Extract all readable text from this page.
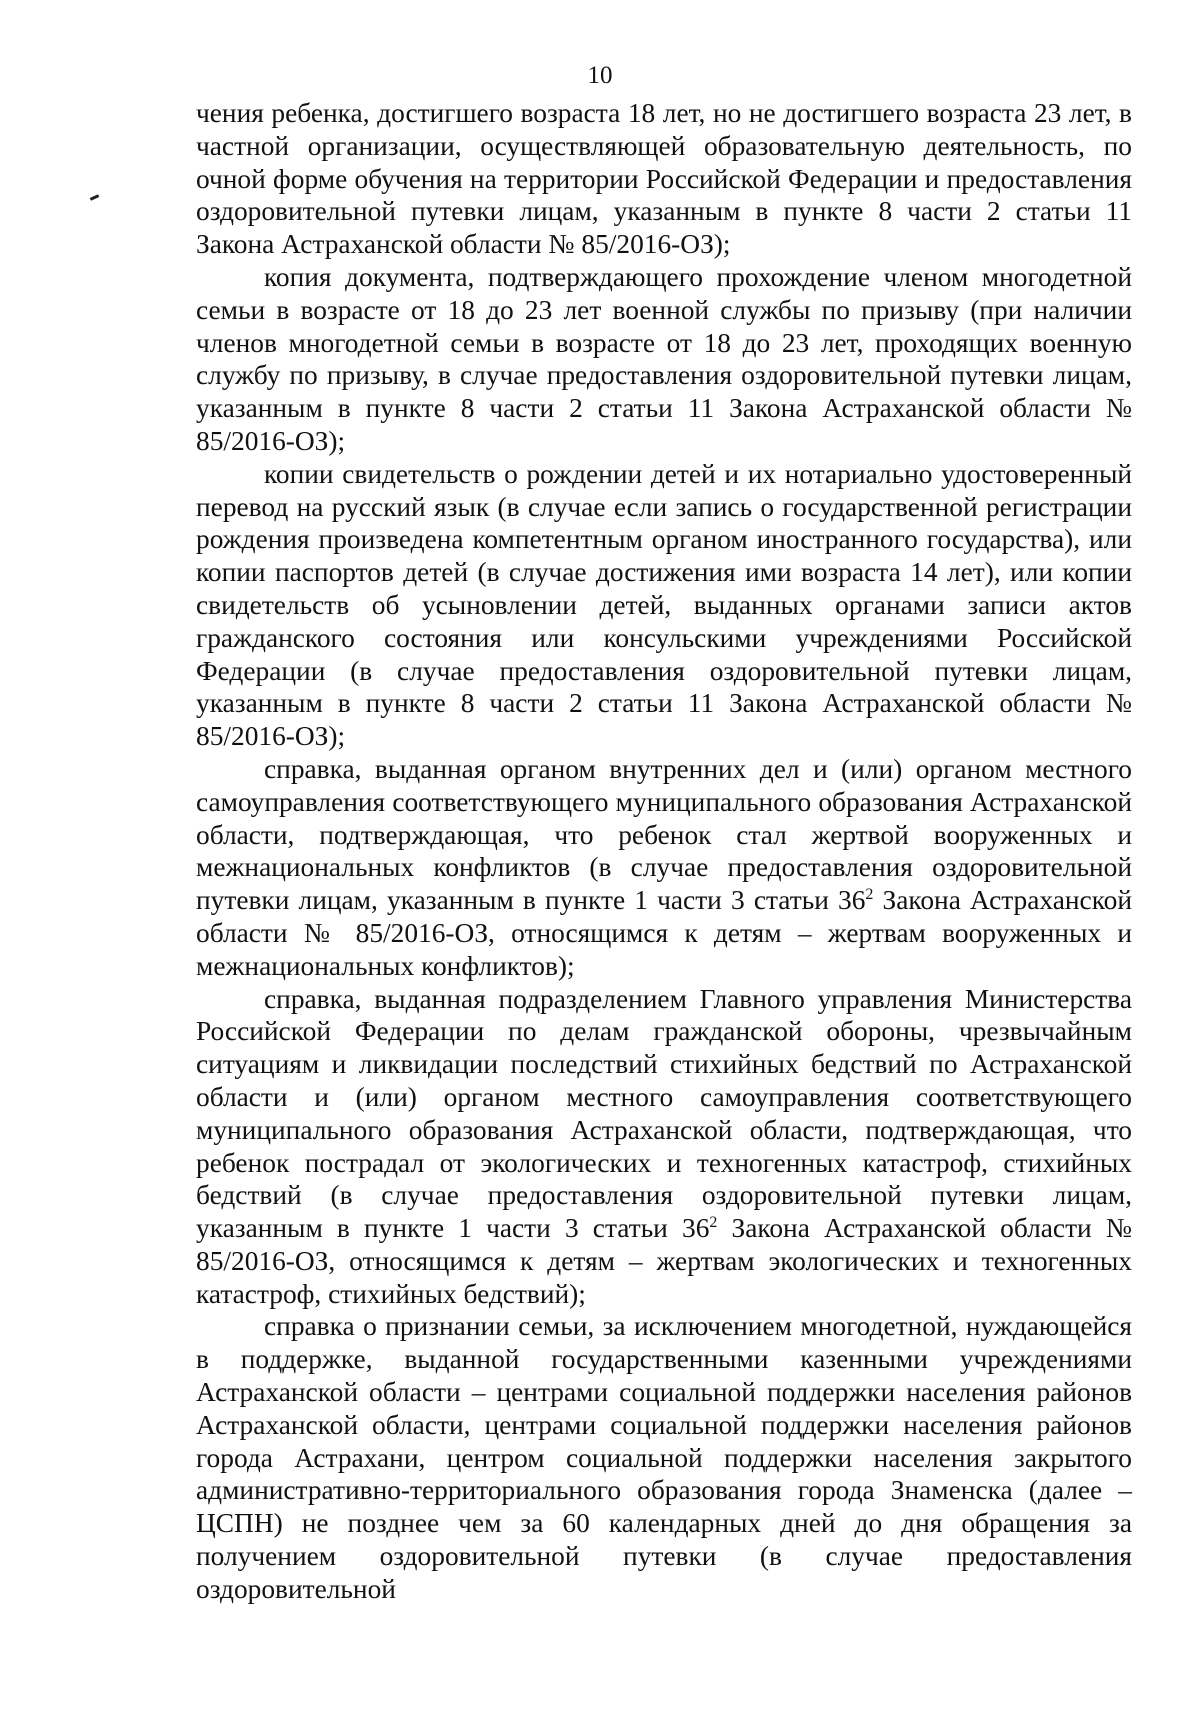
10

чения ребенка, достигшего возраста 18 лет, но не достигшего возраста 23 лет, в частной организации, осуществляющей образовательную деятельность, по очной форме обучения на территории Российской Федерации и предоставления оздоровительной путевки лицам, указанным в пункте 8 части 2 статьи 11 Закона Астраханской области № 85/2016-ОЗ);

копия документа, подтверждающего прохождение членом многодетной семьи в возрасте от 18 до 23 лет военной службы по призыву (при наличии членов многодетной семьи в возрасте от 18 до 23 лет, проходящих военную службу по призыву, в случае предоставления оздоровительной путевки лицам, указанным в пункте 8 части 2 статьи 11 Закона Астраханской области № 85/2016-ОЗ);

копии свидетельств о рождении детей и их нотариально удостоверенный перевод на русский язык (в случае если запись о государственной регистрации рождения произведена компетентным органом иностранного государства), или копии паспортов детей (в случае достижения ими возраста 14 лет), или копии свидетельств об усыновлении детей, выданных органами записи актов гражданского состояния или консульскими учреждениями Российской Федерации (в случае предоставления оздоровительной путевки лицам, указанным в пункте 8 части 2 статьи 11 Закона Астраханской области № 85/2016-ОЗ);

справка, выданная органом внутренних дел и (или) органом местного самоуправления соответствующего муниципального образования Астраханской области, подтверждающая, что ребенок стал жертвой вооруженных и межнациональных конфликтов (в случае предоставления оздоровительной путевки лицам, указанным в пункте 1 части 3 статьи $36^2$ Закона Астраханской области № 85/2016-ОЗ, относящимся к детям – жертвам вооруженных и межнациональных конфликтов);

справка, выданная подразделением Главного управления Министерства Российской Федерации по делам гражданской обороны, чрезвычайным ситуациям и ликвидации последствий стихийных бедствий по Астраханской области и (или) органом местного самоуправления соответствующего муниципального образования Астраханской области, подтверждающая, что ребенок пострадал от экологических и техногенных катастроф, стихийных бедствий (в случае предоставления оздоровительной путевки лицам, указанным в пункте 1 части 3 статьи $36^2$ Закона Астраханской области № 85/2016-ОЗ, относящимся к детям – жертвам экологических и техногенных катастроф, стихийных бедствий);

справка о признании семьи, за исключением многодетной, нуждающейся в поддержке, выданной государственными казенными учреждениями Астраханской области – центрами социальной поддержки населения районов Астраханской области, центрами социальной поддержки населения районов города Астрахани, центром социальной поддержки населения закрытого административно-территориального образования города Знаменска (далее – ЦСПН) не позднее чем за 60 календарных дней до дня обращения за получением оздоровительной путевки (в случае предоставления оздоровительной
